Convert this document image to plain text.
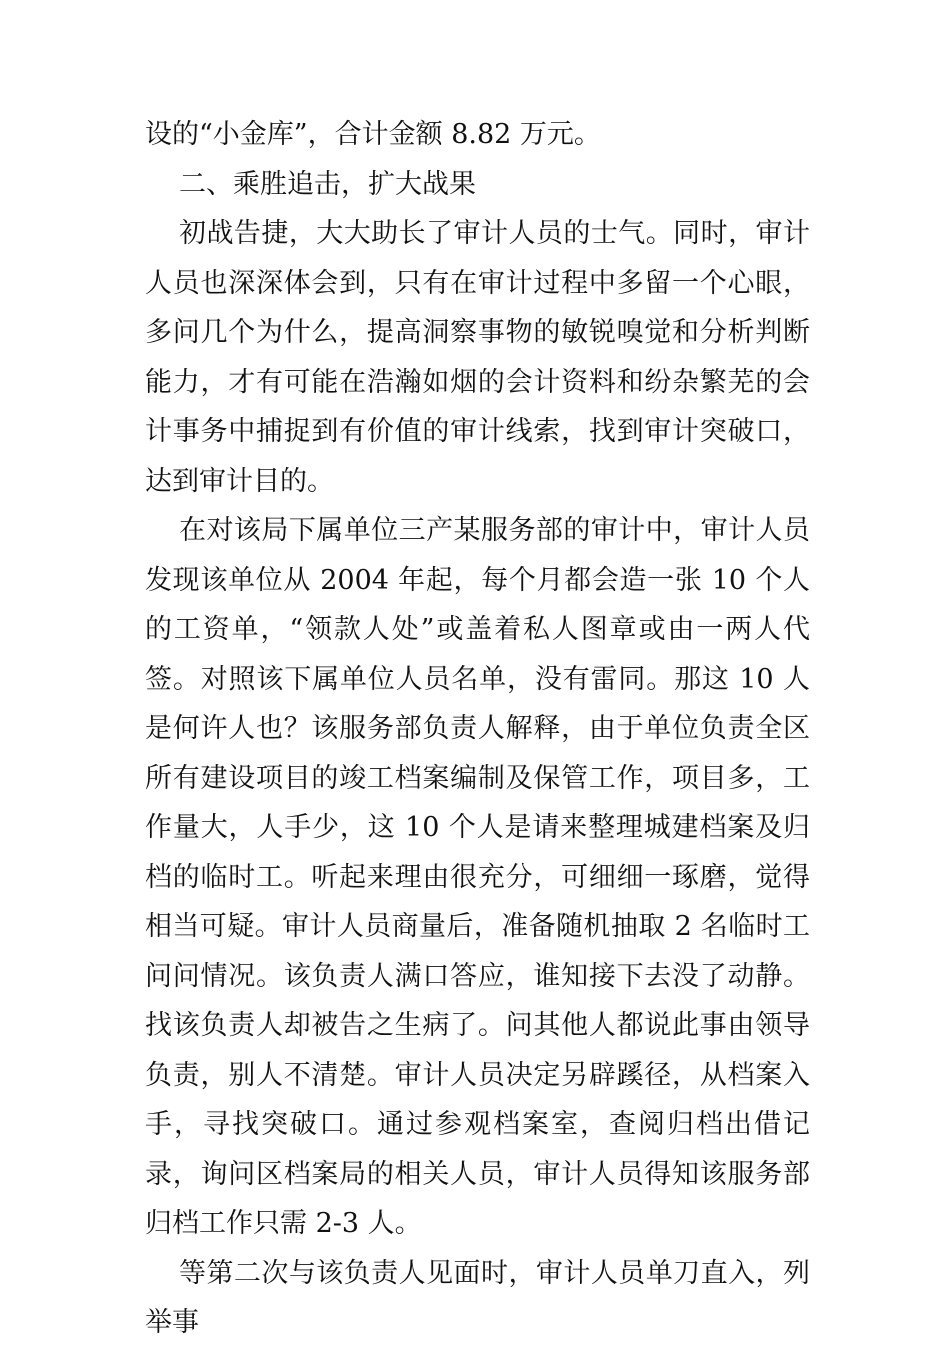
设的“小金库”，合计金额 8.82 万元。

二、乘胜追击，扩大战果

初战告捷，大大助长了审计人员的士气。同时，审计人员也深深体会到，只有在审计过程中多留一个心眼，多问几个为什么，提高洞察事物的敏锐嗅觉和分析判断能力，才有可能在浩瀚如烟的会计资料和纷杂繁芜的会计事务中捕捉到有价值的审计线索，找到审计突破口，达到审计目的。

在对该局下属单位三产某服务部的审计中，审计人员发现该单位从 2004 年起，每个月都会造一张 10 个人的工资单，“领款人处”或盖着私人图章或由一两人代签。对照该下属单位人员名单，没有雷同。那这 10 人是何许人也？该服务部负责人解释，由于单位负责全区所有建设项目的竣工档案编制及保管工作，项目多，工作量大，人手少，这 10 个人是请来整理城建档案及归档的临时工。听起来理由很充分，可细细一琢磨，觉得相当可疑。审计人员商量后，准备随机抽取 2 名临时工问问情况。该负责人满口答应，谁知接下去没了动静。找该负责人却被告之生病了。问其他人都说此事由领导负责，别人不清楚。审计人员决定另辟蹊径，从档案入手，寻找突破口。通过参观档案室，查阅归档出借记录，询问区档案局的相关人员，审计人员得知该服务部归档工作只需 2-3 人。

等第二次与该负责人见面时，审计人员单刀直入，列举事
